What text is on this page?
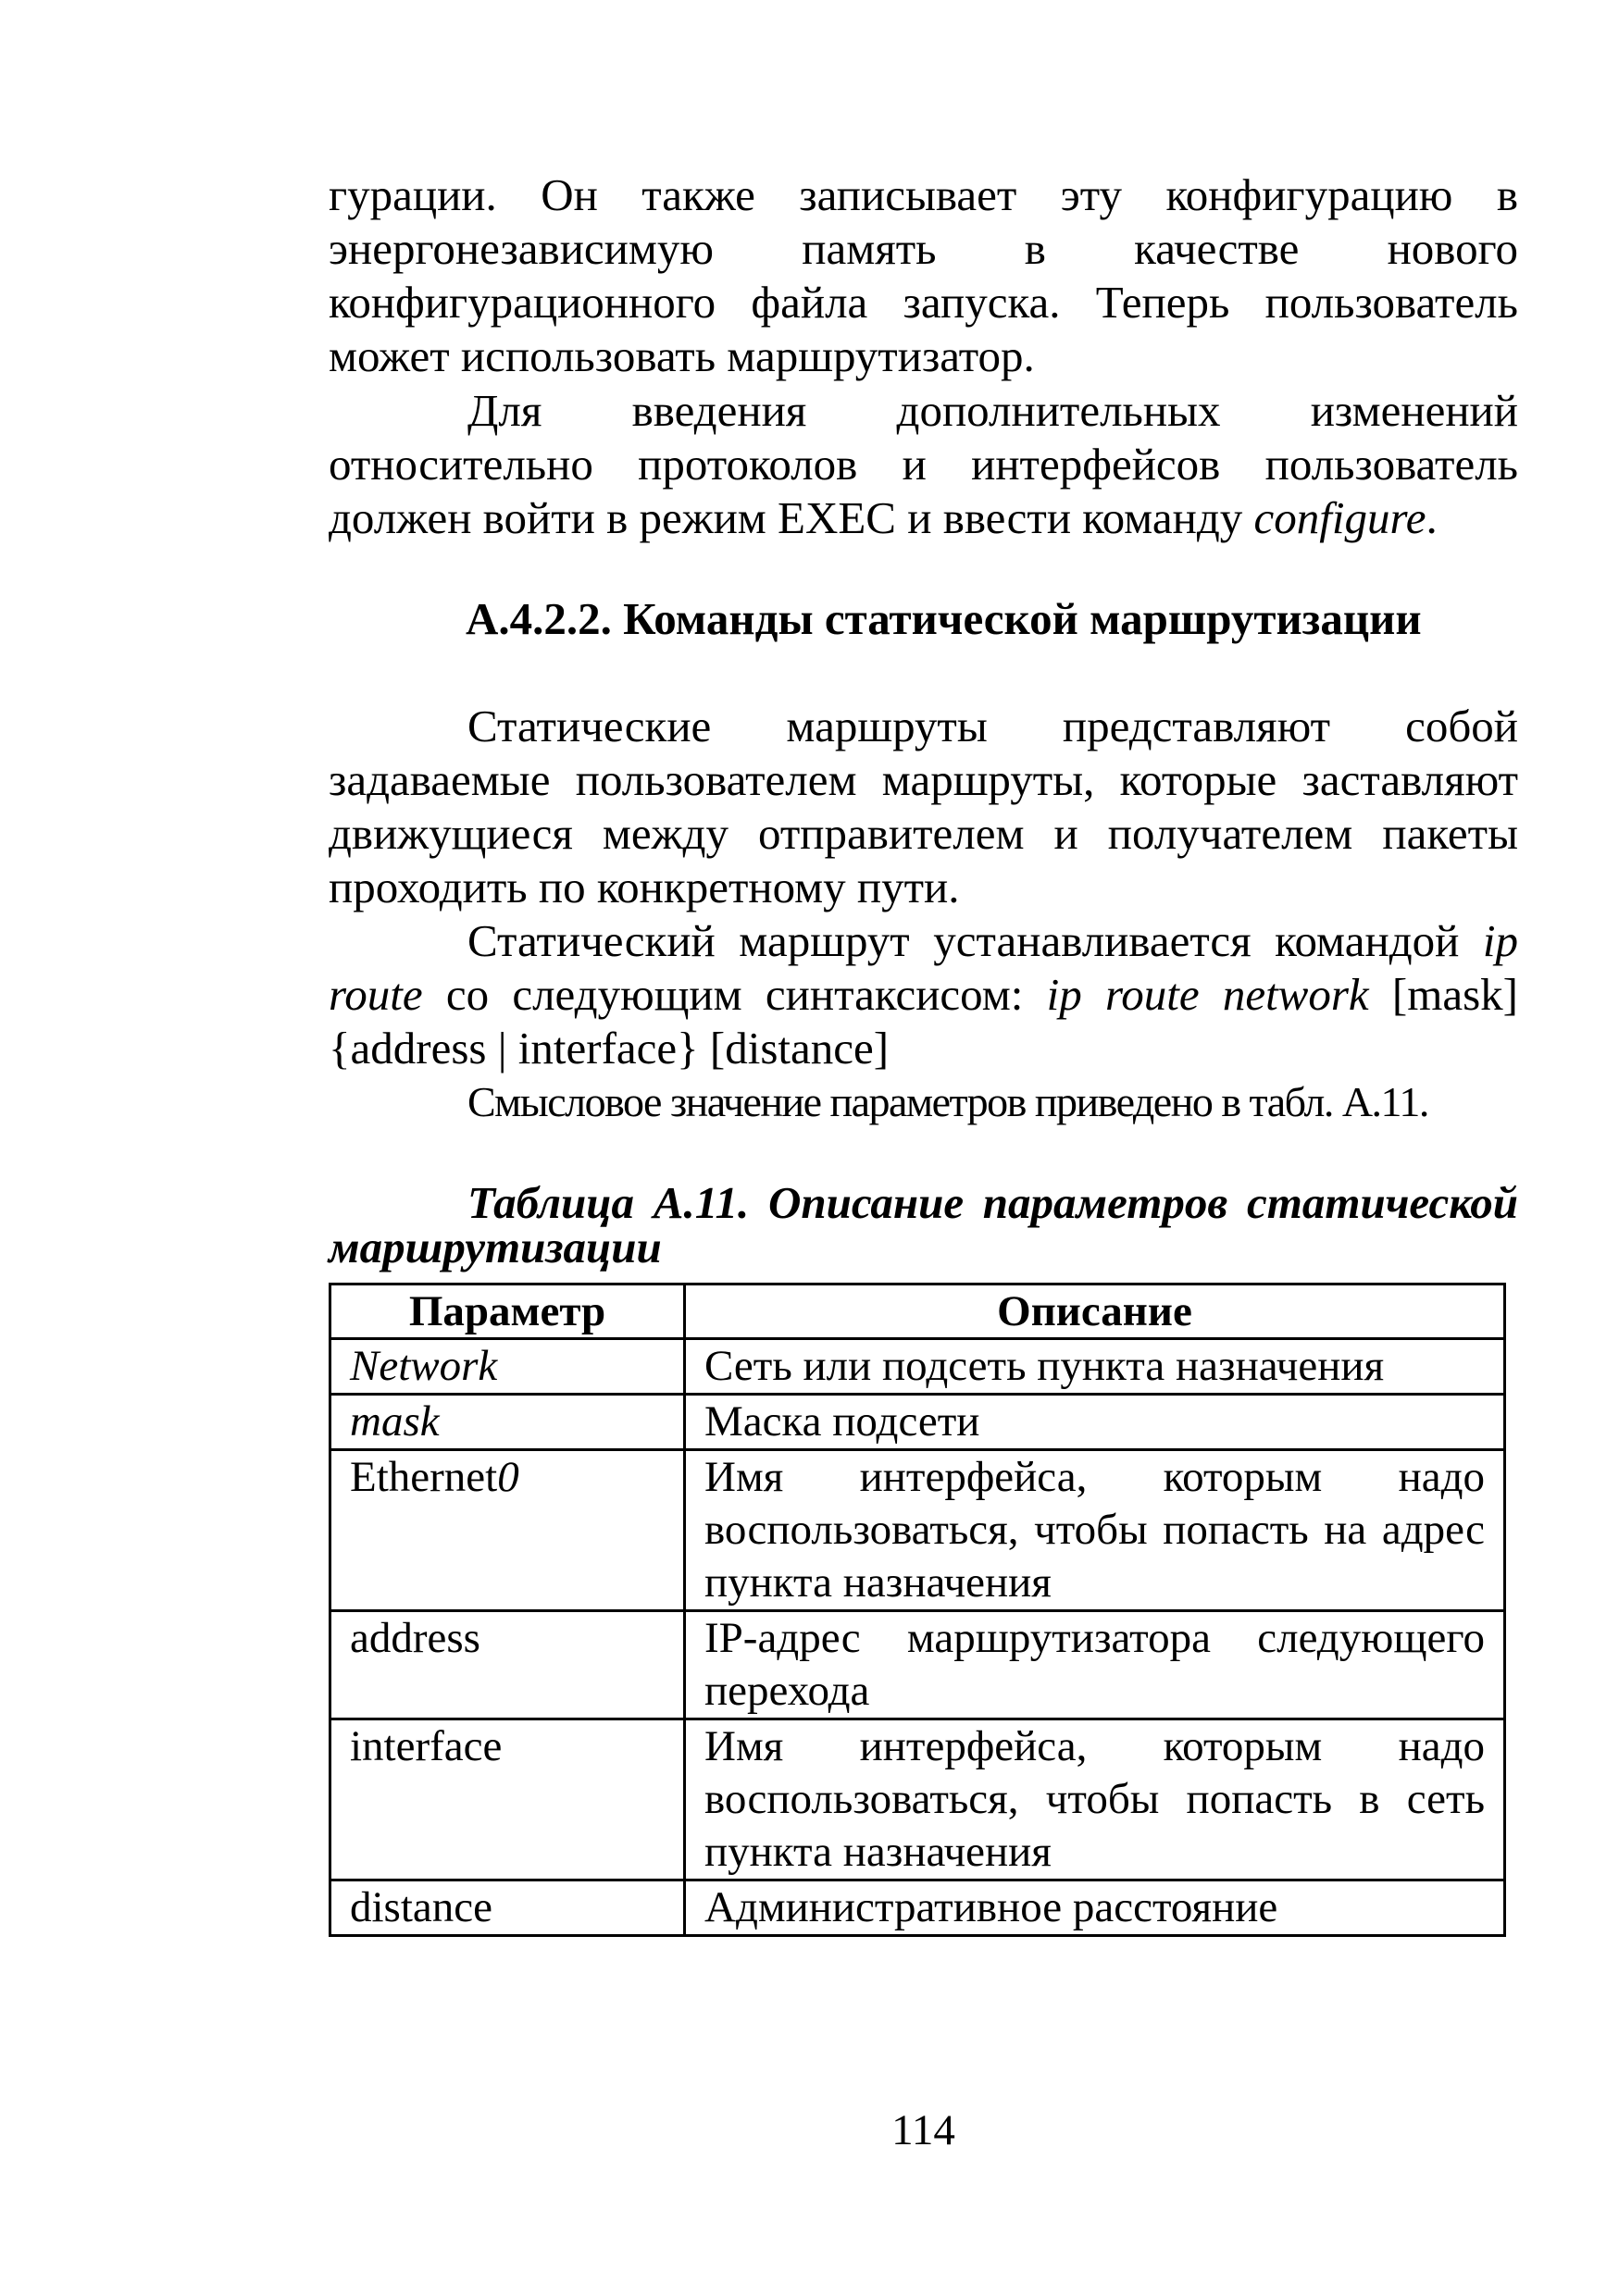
гурации. Он также записывает эту конфигурацию в энергонезависимую память в качестве нового конфигурационного файла запуска. Теперь пользователь может использовать маршрутизатор.
Для введения дополнительных изменений относительно протоколов и интерфейсов пользователь должен войти в режим EXEC и ввести команду configure.
А.4.2.2. Команды статической маршрутизации
Статические маршруты представляют собой задаваемые пользователем маршруты, которые заставляют движущиеся между отправителем и получателем пакеты проходить по конкретному пути.
Статический маршрут устанавливается командой ip route со следующим синтаксисом: ip route network [mask] {address | interface} [distance]
Смысловое значение параметров приведено в табл. А.11.
Таблица А.11. Описание параметров статической маршрутизации
Параметр	Описание
Network	Сеть или подсеть пункта назначения
mask	Маска подсети
Ethernet0	Имя интерфейса, которым надо воспользоваться, чтобы попасть на адрес пункта назначения
address	IP-адрес маршрутизатора следующего перехода
interface	Имя интерфейса, которым надо воспользоваться, чтобы попасть в сеть пункта назначения
distance	Административное расстояние
114
